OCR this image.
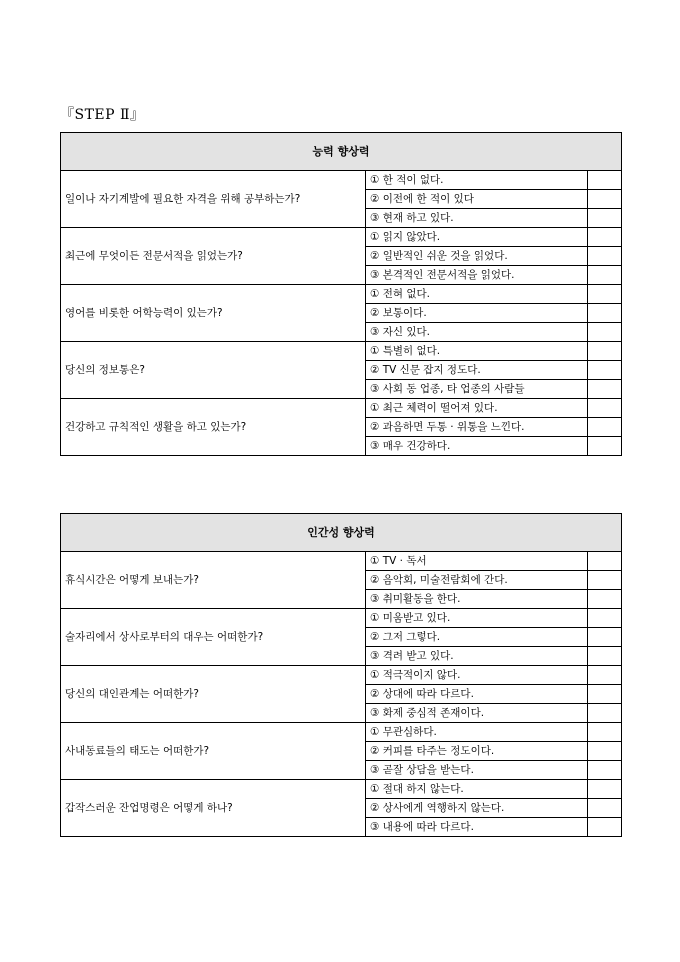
『STEP Ⅱ』
능력 향상력		
일이나 자기계발에 필요한 자격을 위해 공부하는가?	① 한 적이 없다.	
	② 이전에 한 적이 있다	
	③ 현재 하고 있다.	
최근에 무엇이든 전문서적을 읽었는가?	① 읽지 않았다.	
	② 일반적인 쉬운 것을 읽었다.	
	③ 본격적인 전문서적을 읽었다.	
영어를 비롯한 어학능력이 있는가?	① 전혀 없다.	
	② 보통이다.	
	③ 자신 있다.	
당신의 정보통은?	① 특별히 없다.	
	② TV 신문 잡지 정도다.	
	③ 사회 동 업종, 타 업종의 사람들	
건강하고 규칙적인 생활을 하고 있는가?	① 최근 체력이 떨어져 있다.	
	② 과음하면 두통 · 위통을 느낀다.	
	③ 매우 건강하다.	
인간성 향상력		
휴식시간은 어떻게 보내는가?	① TV · 독서	
	② 음악회, 미술전람회에 간다.	
	③ 취미활동을 한다.	
술자리에서 상사로부터의 대우는 어떠한가?	① 미움받고 있다.	
	② 그저 그렇다.	
	③ 격려 받고 있다.	
당신의 대인관계는 어떠한가?	① 적극적이지 않다.	
	② 상대에 따라 다르다.	
	③ 화제 중심적 존재이다.	
사내동료들의 태도는 어떠한가?	① 무관심하다.	
	② 커피를 타주는 정도이다.	
	③ 곧잘 상담을 받는다.	
갑작스러운 잔업명령은 어떻게 하나?	① 절대 하지 않는다.	
	② 상사에게 역행하지 않는다.	
	③ 내용에 따라 다르다.	
